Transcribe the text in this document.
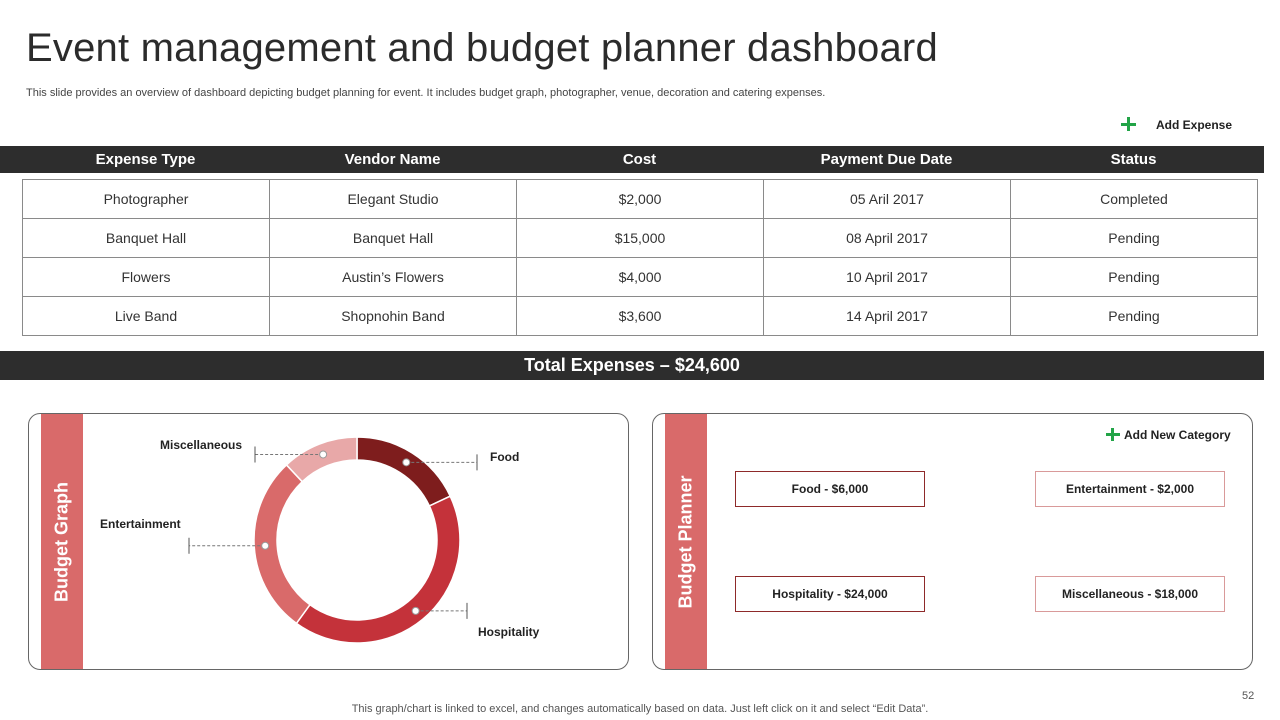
Event management and budget planner dashboard
This slide provides an overview of dashboard depicting budget planning for event. It includes budget graph, photographer, venue, decoration and catering expenses.
Add Expense
Expense Type	Vendor Name	Cost	Payment Due Date	Status
Photographer	Elegant Studio	$2,000	05 Aril 2017	Completed
Banquet Hall	Banquet Hall	$15,000	08 April 2017	Pending
Flowers	Austin’s Flowers	$4,000	10 April 2017	Pending
Live Band	Shopnohin Band	$3,600	14 April 2017	Pending
Total Expenses – $24,600
Budget Graph
Miscellaneous
Food
Entertainment
Hospitality
Budget Planner
Add New Category
Food - $6,000	Entertainment - $2,000
Hospitality - $24,000	Miscellaneous - $18,000
This graph/chart is linked to excel, and changes automatically based on data. Just left click on it and select “Edit Data”.
52
